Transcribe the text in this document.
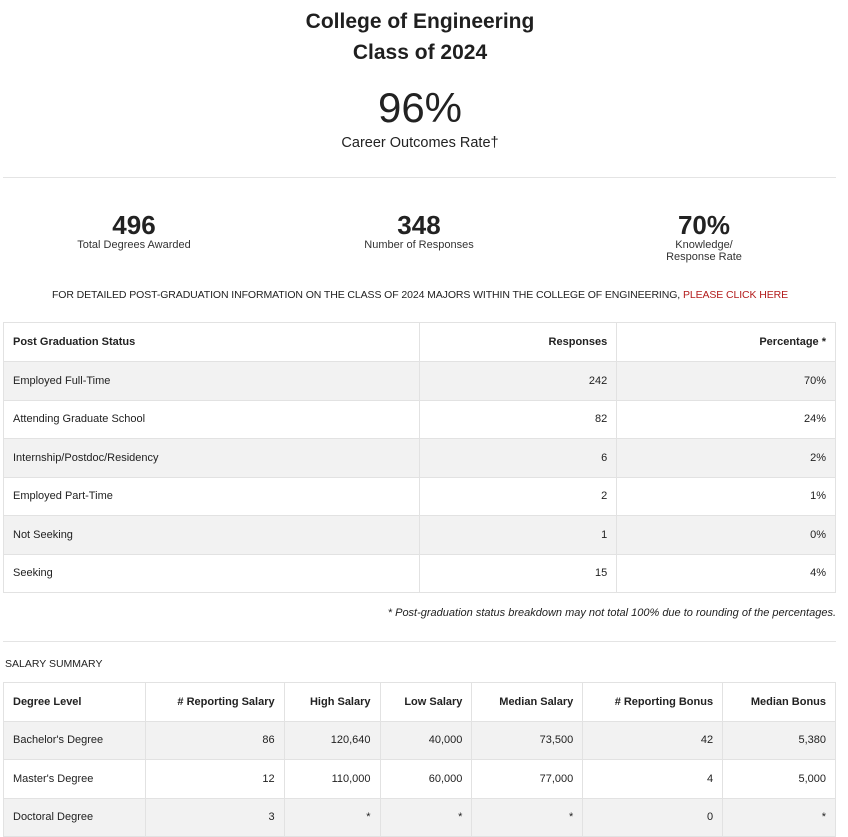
College of Engineering
Class of 2024
96%
Career Outcomes Rate†
496
Total Degrees Awarded
348
Number of Responses
70%
Knowledge/
Response Rate
FOR DETAILED POST-GRADUATION INFORMATION ON THE CLASS OF 2024 MAJORS WITHIN THE COLLEGE OF ENGINEERING, PLEASE CLICK HERE
Post Graduation Status	Responses	Percentage *
Employed Full-Time	242	70%
Attending Graduate School	82	24%
Internship/Postdoc/Residency	6	2%
Employed Part-Time	2	1%
Not Seeking	1	0%
Seeking	15	4%
* Post-graduation status breakdown may not total 100% due to rounding of the percentages.
SALARY SUMMARY
Degree Level	# Reporting Salary	High Salary	Low Salary	Median Salary	# Reporting Bonus	Median Bonus
Bachelor's Degree	86	120,640	40,000	73,500	42	5,380
Master's Degree	12	110,000	60,000	77,000	4	5,000
Doctoral Degree	3	*	*	*	0	*
